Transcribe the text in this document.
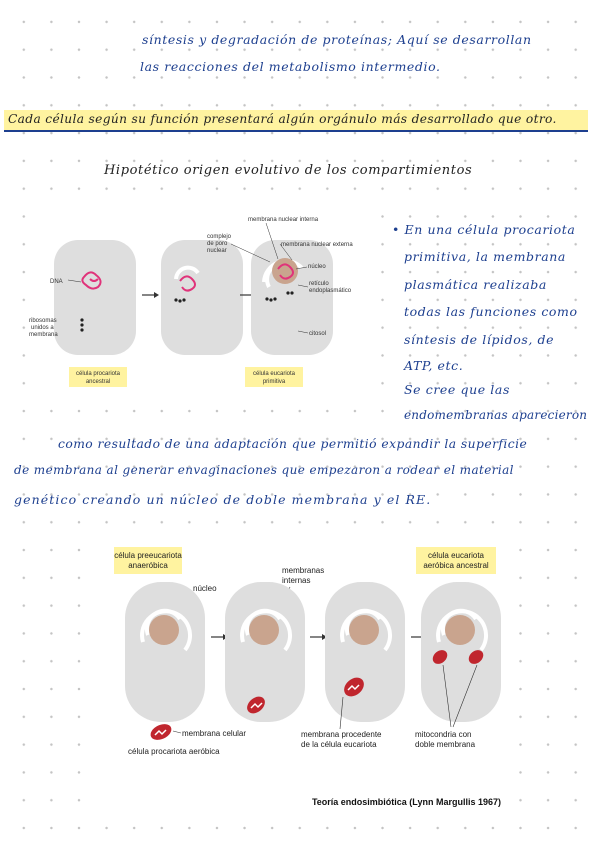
síntesis y degradación de proteínas; Aquí se desarrollan
las reacciones del metabolismo intermedio.
Cada célula según su función presentará algún orgánulo más desarrollado que otro.
Hipotético origen evolutivo de los compartimientos
DNA
ribosomas
unidos a
membrana
complejo
de poro
nuclear
membrana nuclear interna
membrana nuclear externa
núcleo
retículo
endoplasmático
citosol
célula procariota
ancestral
célula eucariota
primitiva
• En una célula procariota
primitiva, la membrana
plasmática realizaba
todas las funciones como
síntesis de lípidos, de
ATP, etc.
Se cree que las
endomembranas aparecieron
como resultado de una adaptación que permitió expandir la superficie
de membrana al generar envaginaciones que empezaron a rodear el material
genético creando un núcleo de doble membrana y el RE.
célula preeucariota
anaeróbica
célula eucariota
aeróbica ancestral
núcleo
membranas
internas
membrana celular
célula procariota aeróbica
membrana procedente
de la célula eucariota
mitocondria con
doble membrana
Teoría endosimbiótica (Lynn Margullis 1967)
